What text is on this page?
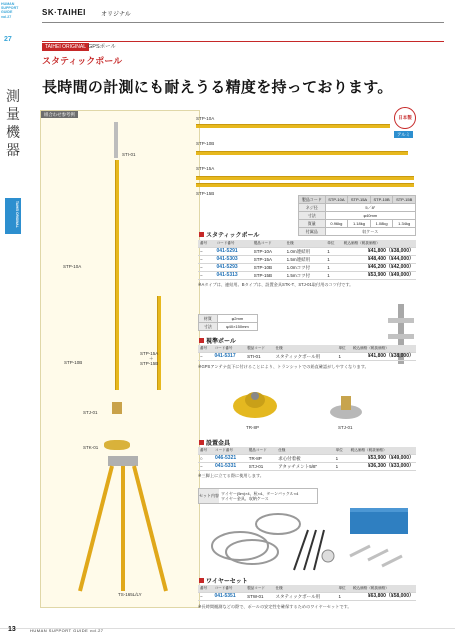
HUMAN SUPPORT GUIDE vol.27
27
測量機器
TAIHEI ORIGINAL
SK·TAIHEI	オリジナル
TAIHEI ORIGINAL GPSポール
スタティックポール
長時間の計測にも耐えうる精度を持っております。
組合わせ参考例
STI-01
STP-10A
STP-10B
STP-15A
＋
STP-15B
STJ-01
STK-01
TS-165L/LY
STP-10A
STP-10B
STP-15A
STP-15B
日本製
アルミ
製品コード	STP-10A	STP-15A	STP-10B	STP-15B
ネジ径	5／8″			
寸法	φ40mm			
質量	0.96kg	1.18kg	1.08kg	1.34kg
付属品	収ケース			
スタティックポール
番号	コード番号	製品コード	仕様	単位	税込価格（税抜価格）
−	041-5291	STP-10A	1.0m連結用	1	¥41,800（¥38,000）
−	041-5303	STP-15A	1.5m連結用	1	¥48,400（¥44,000）
−	041-5293	STP-10B	1.0mコツ付	1	¥46,200（¥42,000）
−	041-5313	STP-15B	1.5mコツ付	1	¥53,900（¥49,000）
※Aタイプは、連結用。Bタイプは、設置金具STK-T、STJ-01取付用のコツ付です。
材質	φ2mm
寸法	φ40×150mm
視準ポール
番号	コード番号	製品コード	仕様	単位	税込価格（税抜価格）
−	041-5317	STI-01	スタティックポール用	1	¥41,800（¥38,000）
※GPSアンテナ直下に付けることにより、トランシットでの鉛直確認がしやすくなります。
TR-8P	STJ-01
設置金具
番号	コード番号	製品コード	仕様	単位	税込価格（税抜価格）
○	046-5321	TR-8P	求心付着板	1	¥53,900（¥49,000）
−	041-5331	STJ-01	アタッチメント5/8″	1	¥36,300（¥33,000）
※三脚上に立てる際に使用します。
セット内容 ワイヤー(5m)×4、杭×4、ターンバックル×4
ワイヤー金具、収納ケース
ワイヤーセット
番号	コード番号	製品コード	仕様	単位	税込価格（税抜価格）
−	041-5351	STW-01	スタティックポール用	1	¥63,800（¥58,000）
※長時間観測などの際で、ポールの安定性を確保するためのワイヤーセットです。
13	HUMAN SUPPORT GUIDE vol.27
